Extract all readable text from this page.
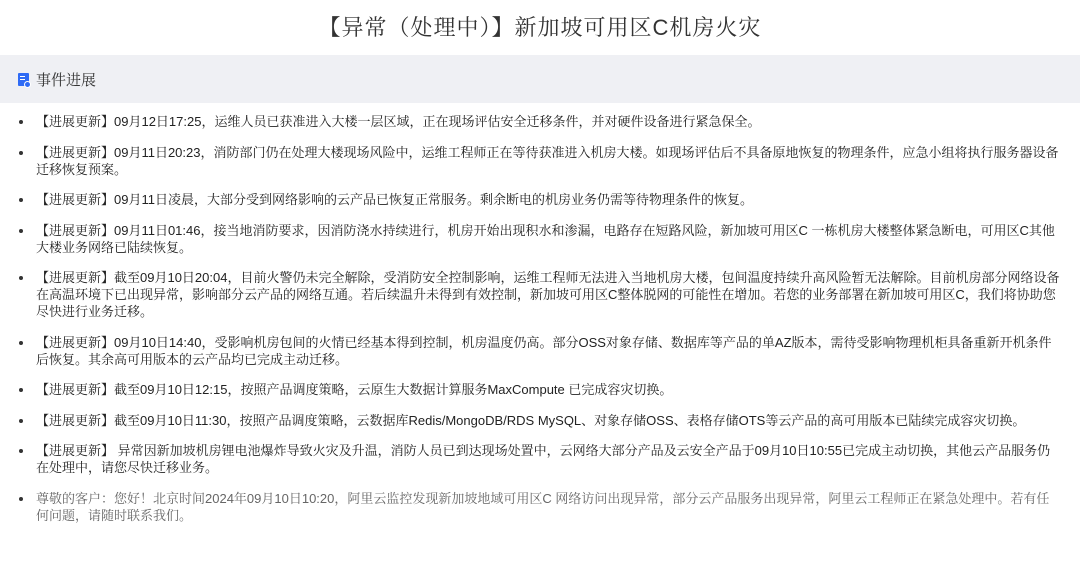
【异常（处理中）】新加坡可用区C机房火灾
事件进展
【进展更新】09月12日17:25，运维人员已获准进入大楼一层区域，正在现场评估安全迁移条件，并对硬件设备进行紧急保全。
【进展更新】09月11日20:23，消防部门仍在处理大楼现场风险中，运维工程师正在等待获准进入机房大楼。如现场评估后不具备原地恢复的物理条件，应急小组将执行服务器设备迁移恢复预案。
【进展更新】09月11日凌晨，大部分受到网络影响的云产品已恢复正常服务。剩余断电的机房业务仍需等待物理条件的恢复。
【进展更新】09月11日01:46，接当地消防要求，因消防浇水持续进行，机房开始出现积水和渗漏，电路存在短路风险，新加坡可用区C 一栋机房大楼整体紧急断电，可用区C其他大楼业务网络已陆续恢复。
【进展更新】截至09月10日20:04，目前火警仍未完全解除，受消防安全控制影响，运维工程师无法进入当地机房大楼，包间温度持续升高风险暂无法解除。目前机房部分网络设备在高温环境下已出现异常，影响部分云产品的网络互通。若后续温升未得到有效控制，新加坡可用区C整体脱网的可能性在增加。若您的业务部署在新加坡可用区C，我们将协助您尽快进行业务迁移。
【进展更新】09月10日14:40，受影响机房包间的火情已经基本得到控制，机房温度仍高。部分OSS对象存储、数据库等产品的单AZ版本，需待受影响物理机柜具备重新开机条件后恢复。其余高可用版本的云产品均已完成主动迁移。
【进展更新】截至09月10日12:15，按照产品调度策略，云原生大数据计算服务MaxCompute 已完成容灾切换。
【进展更新】截至09月10日11:30，按照产品调度策略，云数据库Redis/MongoDB/RDS MySQL、对象存储OSS、表格存储OTS等云产品的高可用版本已陆续完成容灾切换。
【进展更新】 异常因新加坡机房锂电池爆炸导致火灾及升温，消防人员已到达现场处置中，云网络大部分产品及云安全产品于09月10日10:55已完成主动切换，其他云产品服务仍在处理中，请您尽快迁移业务。
尊敬的客户：您好！北京时间2024年09月10日10:20，阿里云监控发现新加坡地域可用区C 网络访问出现异常，部分云产品服务出现异常，阿里云工程师正在紧急处理中。若有任何问题，请随时联系我们。
